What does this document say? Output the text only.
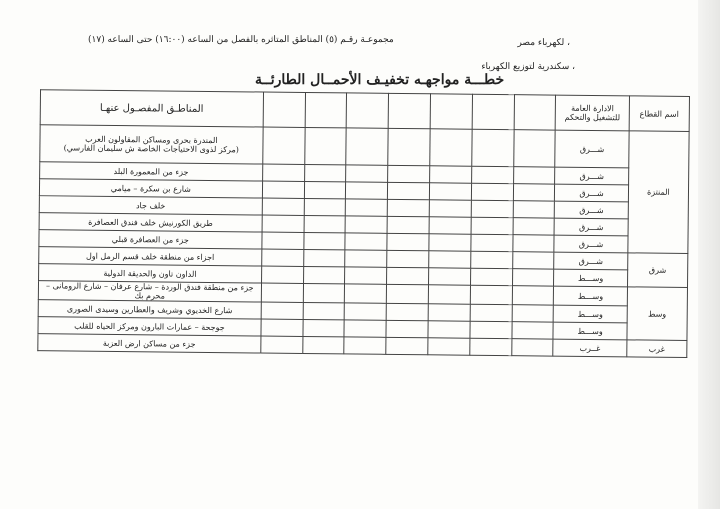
، لكهرباء مصر
، سكندرية لتوزيع الكهرباء
مجموعـة رقـم (٥) المناطق المتاثره بالفصل من الساعه (١٦:٠٠) حتى الساعه (١٧)
خطـــة مواجهـه تخفيـف الأحمــال الطارئــة
اسم القطاع	الادارة العامة للتشغيل والتحكم								المناطـق المفصـول عنهـا
المنتزة	شـــرق								المندرة بحرى ومساكن المقاولون العرب
(مركز لذوى الاحتياجات الخاصة ش سليمان الفارسي)

	شـــرق								جزء من المعمورة البلد
	شـــرق								شارع بن سكرة – ميامي
	شـــرق								خلف جاد
	شـــرق								طريق الكورنيش خلف فندق العصافرة
	شـــرق								جزء من العصافرة قبلي
شرق	شـــرق								اجزاء من منطقة خلف قسم الرمل اول
	وســـط								الداون تاون والحديقة الدولية
وسط	وســـط								جزء من منطقة فندق الوردة – شارع عرفان – شارع الرومانى – محرم بك
	وســـط								شارع الخديوي وشريف والعطارين وسيدى الصورى
	وســـط								جوجحة – عمارات البارون ومركز الحياه للقلب
غرب	غــرب								جزء من مساكن ارض العزبة
